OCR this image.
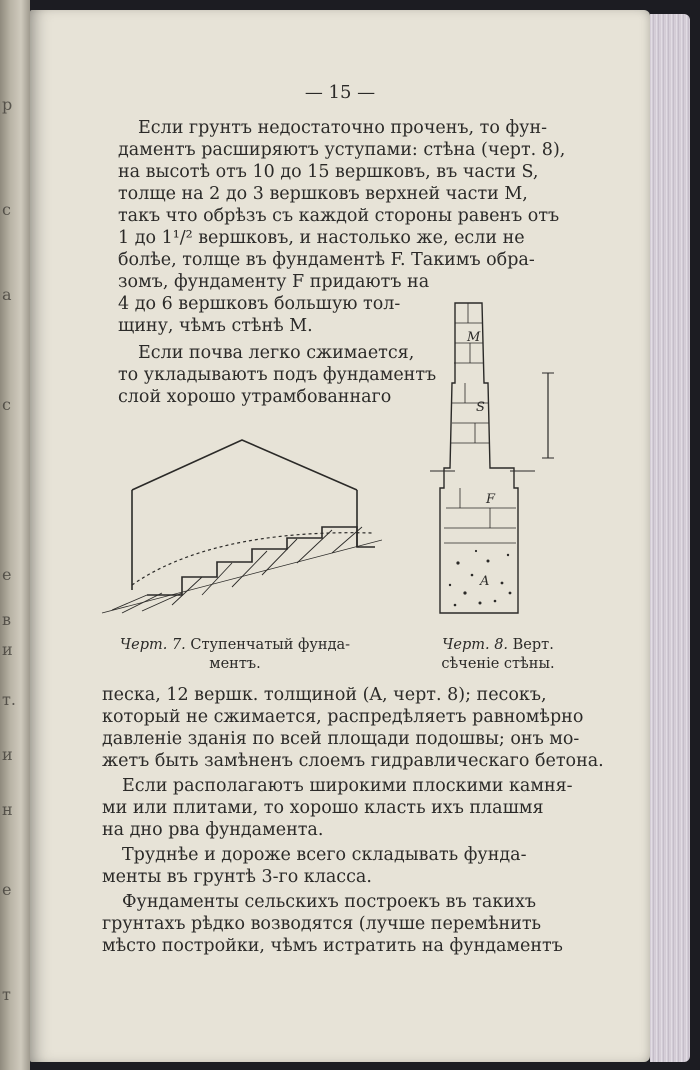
р
с
а
с
е
в
и
т.
и
н
е
т
— 15 —
Если грунтъ недостаточно проченъ, то фун-
даментъ расширяютъ уступами: стѣна (черт. 8),
на высотѣ отъ 10 до 15 вершковъ, въ части S,
толще на 2 до 3 вершковъ верхней части M,
такъ что обрѣзъ съ каждой стороны равенъ отъ
1 до 1¹/² вершковъ, и настолько же, если не
болѣе, толще въ фундаментѣ F. Такимъ обра-
зомъ, фундаменту F придаютъ на
4 до 6 вершковъ большую тол-
щину, чѣмъ стѣнѣ M.
Если почва легко сжимается,
то укладываютъ подъ фундаментъ
слой хорошо утрамбованнаго
Черт. 7. Ступенчатый фунда-
ментъ.
M
S
F
A
Черт. 8. Верт.
сѣченіе стѣны.
песка, 12 вершк. толщиной (A, черт. 8); песокъ,
который не сжимается, распредѣляетъ равномѣрно
давленіе зданія по всей площади подошвы; онъ мо-
жетъ быть замѣненъ слоемъ гидравлическаго бетона.
Если располагаютъ широкими плоскими камня-
ми или плитами, то хорошо класть ихъ плашмя
на дно рва фундамента.
Труднѣе и дороже всего складывать фунда-
менты въ грунтѣ 3-го класса.
Фундаменты сельскихъ построекъ въ такихъ
грунтахъ рѣдко возводятся (лучше перемѣнить
мѣсто постройки, чѣмъ истратить на фундаментъ
